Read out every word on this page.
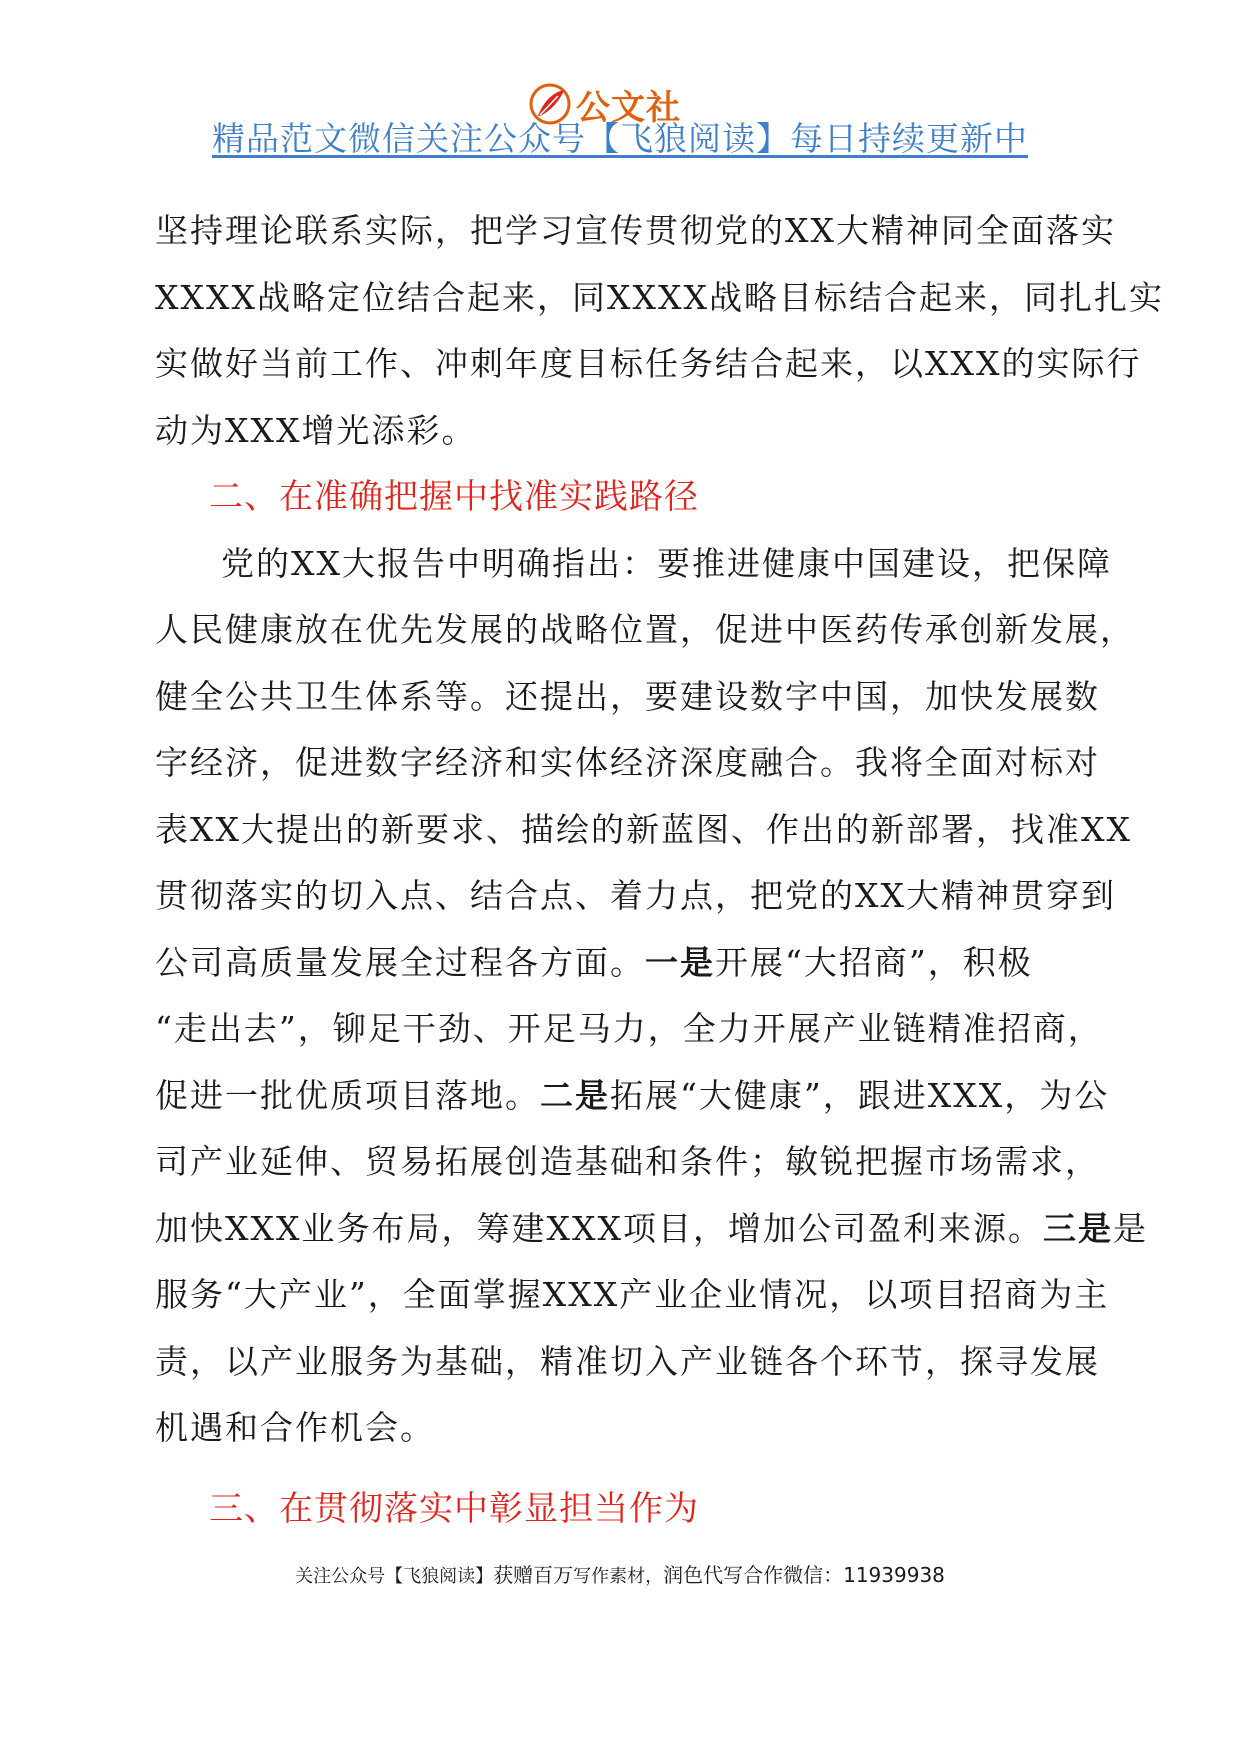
公文社
精品范文微信关注公众号【飞狼阅读】每日持续更新中

坚持理论联系实际，把学习宣传贯彻党的XX大精神同全面落实

XXXX战略定位结合起来，同XXXX战略目标结合起来，同扎扎实

实做好当前工作、冲刺年度目标任务结合起来，以XXX的实际行

动为XXX增光添彩。

二、在准确把握中找准实践路径

党的XX大报告中明确指出：要推进健康中国建设，把保障

人民健康放在优先发展的战略位置，促进中医药传承创新发展，

健全公共卫生体系等。还提出，要建设数字中国，加快发展数

字经济，促进数字经济和实体经济深度融合。我将全面对标对

表XX大提出的新要求、描绘的新蓝图、作出的新部署，找准XX

贯彻落实的切入点、结合点、着力点，把党的XX大精神贯穿到

公司高质量发展全过程各方面。一是开展“大招商”，积极

“走出去”，铆足干劲、开足马力，全力开展产业链精准招商，

促进一批优质项目落地。二是拓展“大健康”，跟进XXX，为公

司产业延伸、贸易拓展创造基础和条件；敏锐把握市场需求，

加快XXX业务布局，筹建XXX项目，增加公司盈利来源。三是是

服务“大产业”，全面掌握XXX产业企业情况，以项目招商为主

责，以产业服务为基础，精准切入产业链各个环节，探寻发展

机遇和合作机会。

三、在贯彻落实中彰显担当作为

关注公众号【飞狼阅读】获赠百万写作素材，润色代写合作微信：11939938
